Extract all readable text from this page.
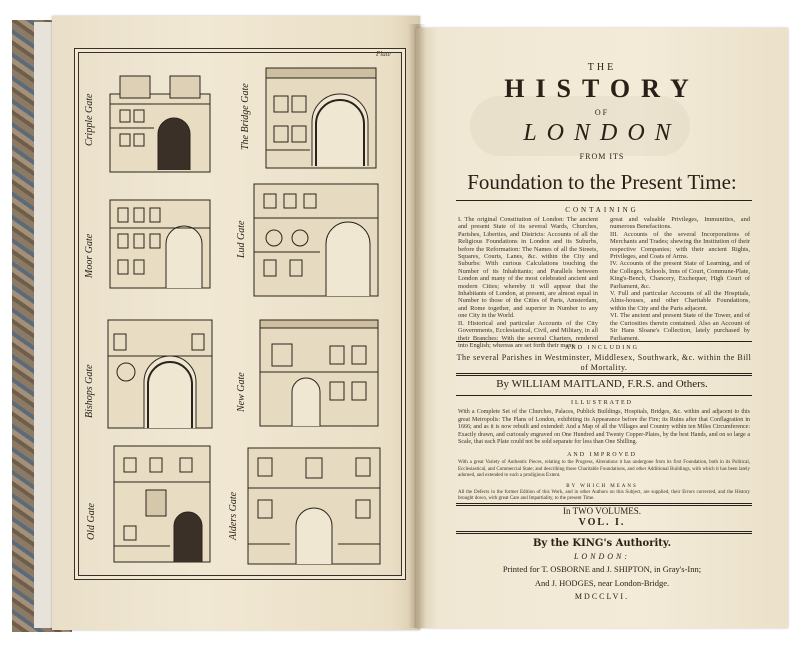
Plate
Cripple Gate	The Bridge Gate
Moor Gate	Lud Gate
Bishops Gate	New Gate
Old Gate	Alders Gate
THE
HISTORY
OF
LONDON
FROM ITS
Foundation to the Present Time:
CONTAINING

I. The original Constitution of London: The ancient and present State of its several Wards, Churches, Parishes, Liberties, and Districts: Accounts of all the Religious Foundations in London and its Suburbs, before the Reformation: The Names of all the Streets, Squares, Courts, Lanes, &c. within the City and Suburbs: With curious Calculations touching the Number of its Inhabitants; and Parallels between London and many of the most celebrated ancient and modern Cities; whereby it will appear that the Inhabitants of London, at present, are almost equal in Number to those of the Cities of Paris, Amsterdam, and Rome together, and superior in Number to any one City in the World.

II. Historical and particular Accounts of the City Governments, Ecclesiastical, Civil, and Military, in all their Branches: With the several Charters, rendered into English; whereas are set forth their many

great and valuable Privileges, Immunities, and numerous Benefactions.

III. Accounts of the several Incorporations of Merchants and Trades; shewing the Institution of their respective Companies; with their ancient Rights, Privileges, and Coats of Arms.

IV. Accounts of the present State of Learning, and of the Colleges, Schools, Inns of Court, Commune-Plate, King's-Bench, Chancery, Exchequer, High Court of Parliament, &c.

V. Full and particular Accounts of all the Hospitals, Alms-houses, and other Charitable Foundations, within the City and the Parts adjacent.

VI. The ancient and present State of the Tower, and of the Curiosities therein contained. Also an Account of Sir Hans Sloane's Collection, lately purchased by Parliament.

AND INCLUDING
The several Parishes in Westminster, Middlesex, Southwark, &c. within the Bill of Mortality.
By WILLIAM MAITLAND, F.R.S. and Others.
ILLUSTRATED
With a Complete Set of the Churches, Palaces, Publick Buildings, Hospitals, Bridges, &c. within and adjacent to this great Metropolis: The Plans of London, exhibiting its Appearance before the Fire; its Ruins after that Conflagration in 1666; and as it is now rebuilt and extended: And a Map of all the Villages and Country within ten Miles Circumference: Exactly drawn, and curiously engraved on One Hundred and Twenty Copper-Plates, by the best Hands, and on so large a Scale, that each Plate could not be sold separate for less than One Shilling.
AND IMPROVED
With a great Variety of Authentic Pieces, relating to the Progress, Alterations it has undergone from its first Foundation, both in its Political, Ecclesiastical, and Commercial State; and describing those Charitable Foundations, and other Additional Buildings, with which it has been lately adorned, and extended to such a prodigious Extent.
BY WHICH MEANS
All the Defects in the former Edition of this Work, and in other Authors on this Subject, are supplied, their Errors corrected, and the History brought down, with great Care and Impartiality, to the present Time.
In TWO VOLUMES.
VOL. I.
By the KING's Authority.
LONDON:
Printed for T. OSBORNE and J. SHIPTON, in Gray's-Inn;
And J. HODGES, near London-Bridge.
MDCCLVI.
